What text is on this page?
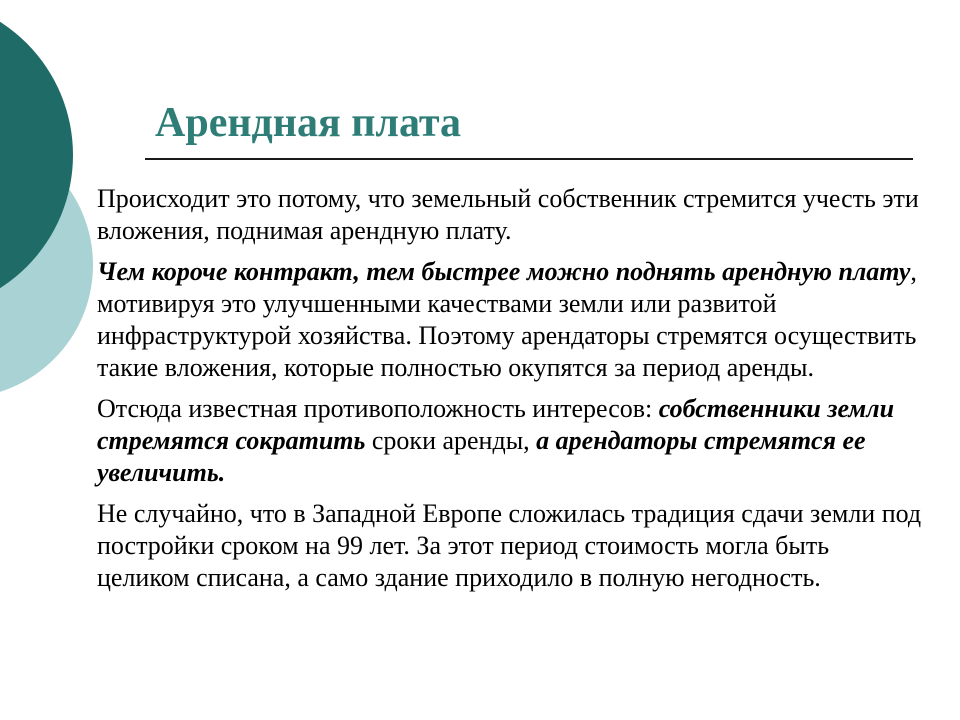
Арендная плата

Происходит это потому, что земельный собственник стремится учесть эти вложения, поднимая арендную плату.

Чем короче контракт, тем быстрее можно поднять арендную плату, мотивируя это улучшенными качествами земли или развитой инфраструктурой хозяйства. Поэтому арендаторы стремятся осуществить такие вложения, которые полностью окупятся за период аренды.

Отсюда известная противоположность интересов: собственники земли стремятся сократить сроки аренды, а арендаторы стремятся ее увеличить.

Не случайно, что в Западной Европе сложилась традиция сдачи земли под постройки сроком на 99 лет. За этот период стоимость могла быть целиком списана, а само здание приходило в полную негодность.
